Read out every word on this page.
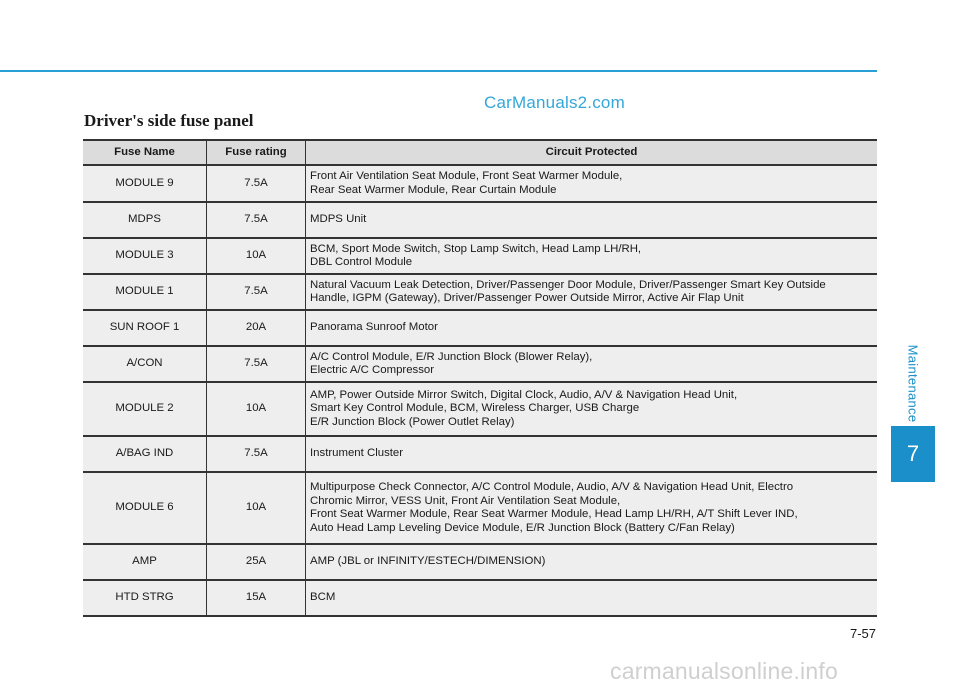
CarManuals2.com
Driver's side fuse panel
Fuse Name	Fuse rating	Circuit Protected
MODULE 9	7.5A	Front Air Ventilation Seat Module, Front Seat Warmer Module,
Rear Seat Warmer Module, Rear Curtain Module

MDPS	7.5A	MDPS Unit

MODULE 3	10A	BCM, Sport Mode Switch, Stop Lamp Switch, Head Lamp LH/RH,
DBL Control Module

MODULE 1	7.5A	Natural Vacuum Leak Detection, Driver/Passenger Door Module, Driver/Passenger Smart Key Outside
Handle, IGPM (Gateway), Driver/Passenger Power Outside Mirror, Active Air Flap Unit

SUN ROOF 1	20A	Panorama Sunroof Motor

A/CON	7.5A	A/C Control Module, E/R Junction Block (Blower Relay),
Electric A/C Compressor

MODULE 2	10A	AMP, Power Outside Mirror Switch, Digital Clock, Audio, A/V & Navigation Head Unit,
Smart Key Control Module, BCM, Wireless Charger, USB Charge
E/R Junction Block (Power Outlet Relay)

A/BAG IND	7.5A	Instrument Cluster

MODULE 6	10A	Multipurpose Check Connector, A/C Control Module, Audio, A/V & Navigation Head Unit, Electro
Chromic Mirror, VESS Unit, Front Air Ventilation Seat Module,
Front Seat Warmer Module, Rear Seat Warmer Module, Head Lamp LH/RH, A/T Shift Lever IND,
Auto Head Lamp Leveling Device Module, E/R Junction Block (Battery C/Fan Relay)

AMP	25A	AMP (JBL or INFINITY/ESTECH/DIMENSION)

HTD STRG	15A	BCM
Maintenance
7
7-57
carmanualsonline.info
